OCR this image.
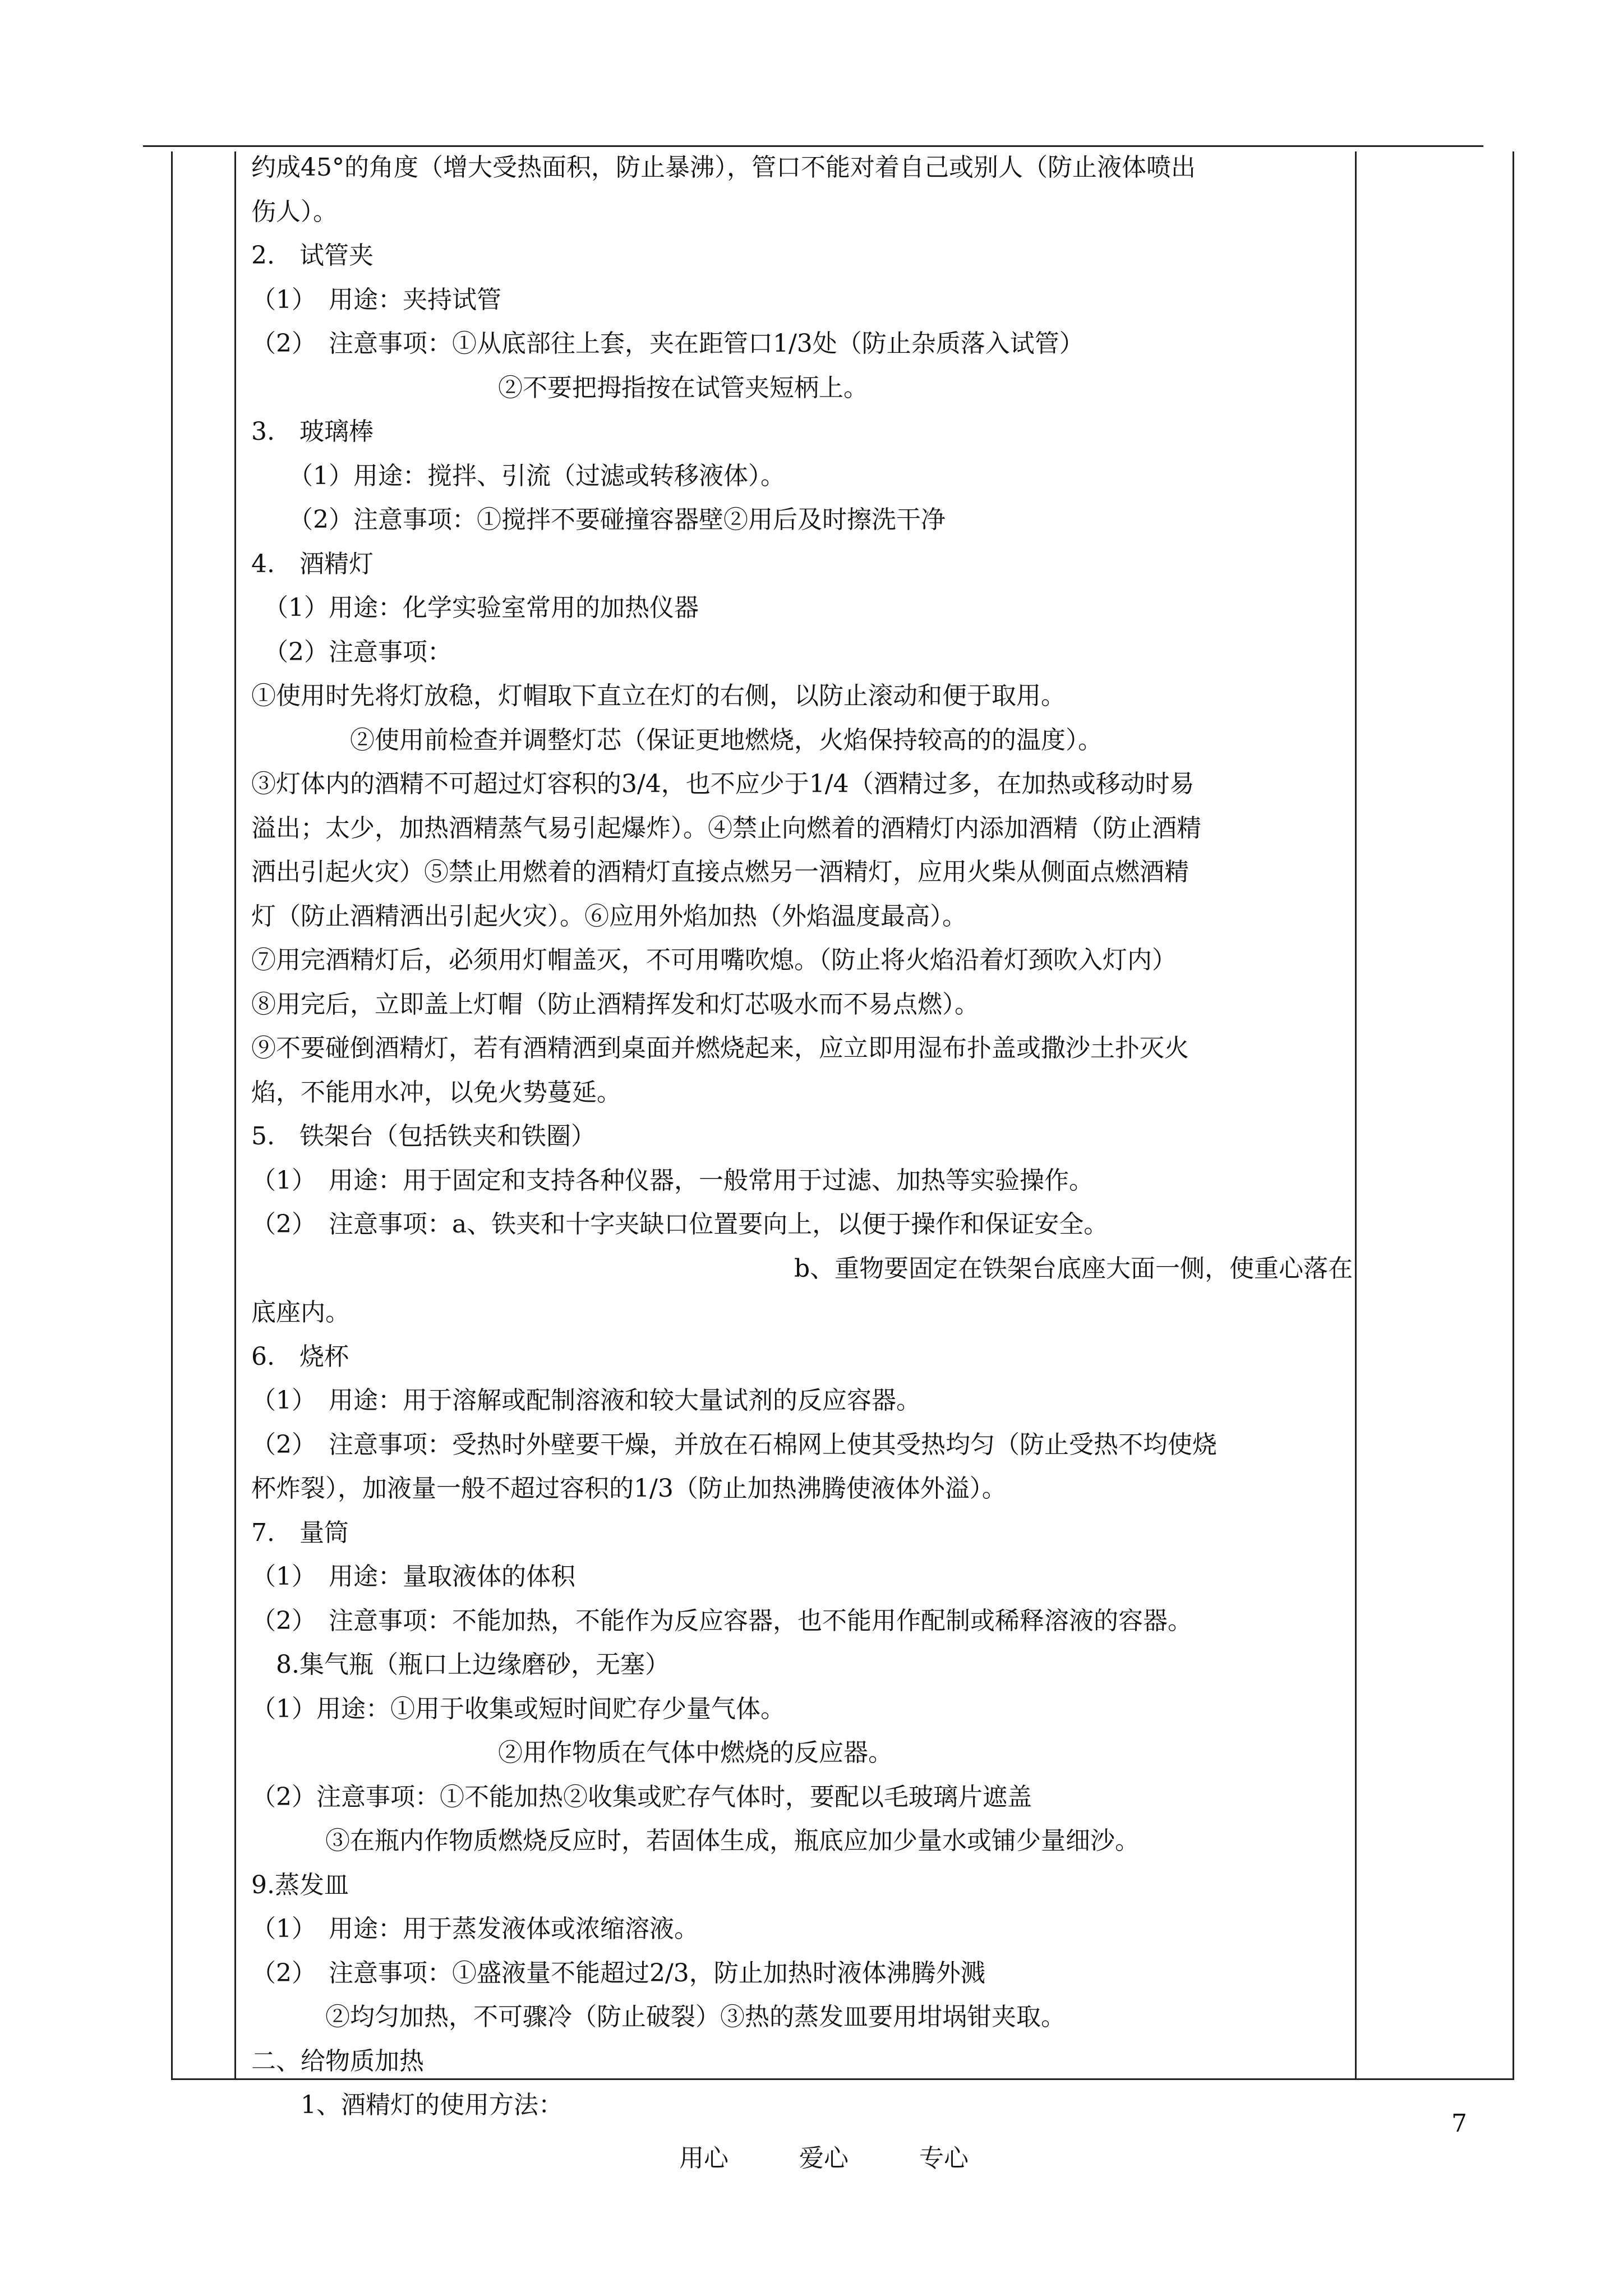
约成45°的角度（增大受热面积，防止暴沸），管口不能对着自己或别人（防止液体喷出
伤人）。
2.　试管夹
（1）　用途：夹持试管
（2）　注意事项：①从底部往上套，夹在距管口1/3处（防止杂质落入试管）
　　　　　　　　　　②不要把拇指按在试管夹短柄上。
3.　玻璃棒
　　（1）用途：搅拌、引流（过滤或转移液体）。
　　（2）注意事项：①搅拌不要碰撞容器壁②用后及时擦洗干净
4.　酒精灯
　（1）用途：化学实验室常用的加热仪器
　（2）注意事项：
①使用时先将灯放稳，灯帽取下直立在灯的右侧，以防止滚动和便于取用。
　　　　②使用前检查并调整灯芯（保证更地燃烧，火焰保持较高的的温度）。
③灯体内的酒精不可超过灯容积的3/4，也不应少于1/4（酒精过多，在加热或移动时易
溢出；太少，加热酒精蒸气易引起爆炸）。④禁止向燃着的酒精灯内添加酒精（防止酒精
洒出引起火灾）⑤禁止用燃着的酒精灯直接点燃另一酒精灯，应用火柴从侧面点燃酒精
灯（防止酒精洒出引起火灾）。⑥应用外焰加热（外焰温度最高）。
⑦用完酒精灯后，必须用灯帽盖灭，不可用嘴吹熄。（防止将火焰沿着灯颈吹入灯内）
⑧用完后，立即盖上灯帽（防止酒精挥发和灯芯吸水而不易点燃）。
⑨不要碰倒酒精灯，若有酒精洒到桌面并燃烧起来，应立即用湿布扑盖或撒沙土扑灭火
焰，不能用水冲，以免火势蔓延。
5.　铁架台（包括铁夹和铁圈）
（1）　用途：用于固定和支持各种仪器，一般常用于过滤、加热等实验操作。
（2）　注意事项：a、铁夹和十字夹缺口位置要向上，以便于操作和保证安全。
　　　　　　　　　　　　　　　　　　　　　　b、重物要固定在铁架台底座大面一侧，使重心落在
底座内。
6.　烧杯
（1）　用途：用于溶解或配制溶液和较大量试剂的反应容器。
（2）　注意事项：受热时外壁要干燥，并放在石棉网上使其受热均匀（防止受热不均使烧
杯炸裂），加液量一般不超过容积的1/3（防止加热沸腾使液体外溢）。
7.　量筒
（1）　用途：量取液体的体积
（2）　注意事项：不能加热，不能作为反应容器，也不能用作配制或稀释溶液的容器。
　8.集气瓶（瓶口上边缘磨砂，无塞）
（1）用途：①用于收集或短时间贮存少量气体。
　　　　　　　　　　②用作物质在气体中燃烧的反应器。
（2）注意事项：①不能加热②收集或贮存气体时，要配以毛玻璃片遮盖
　　　③在瓶内作物质燃烧反应时，若固体生成，瓶底应加少量水或铺少量细沙。
9.蒸发皿
（1）　用途：用于蒸发液体或浓缩溶液。
（2）　注意事项：①盛液量不能超过2/3，防止加热时液体沸腾外溅
　　　②均匀加热，不可骤冷（防止破裂）③热的蒸发皿要用坩埚钳夹取。
二、给物质加热
　　1、酒精灯的使用方法：

用心	爱心	专心

7
